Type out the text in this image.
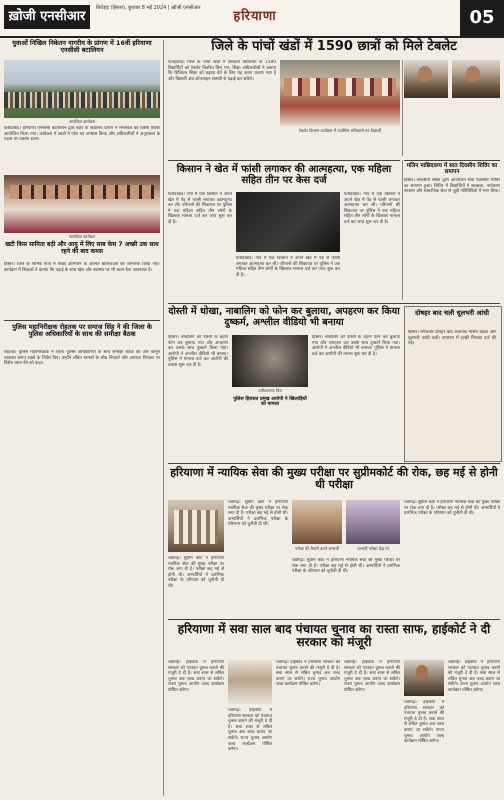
ख़ोजी एनसीआर
बिरोहड़ (हिसार), बुधवार 8 मई 2024 | ख़ोजी एनसीआर
हरियाणा	05
युवाओं निखिल निकेतन नागरीय के प्रांगण में 16वीं हरियाणा एनसीसी बटालियन
नामांकित कार्यक्रम
फरीदाबाद। हरियाणा एनसीसी बटालियन द्वारा शहर के विद्यालय प्रांगण में मंगलवार को विशेष शिविर आयोजित किया गया। कार्यक्रम में छात्रों ने परेड का अभ्यास किया और अधिकारियों ने अनुशासन के महत्व पर प्रकाश डाला।
नामांकित कार्यक्रम
खटी किस सामिता बठ़ी और आयु में लिए साब केस 7 अच्छी उक साथ रहने की बाद कमस
हिसार। जिले के विभिन्न गांवों में शिक्षा अभियान के अंतर्गत बालिकाओं को जागरूक किया गया। कार्यक्रम में शिक्षकों ने बताया कि पढ़ाई के साथ खेल और स्वास्थ्य पर भी ध्यान देना आवश्यक है।
पुलिस महानिरीक्षक रोहतक पर समाज सिंह ने की जिला के पुलिस अधिकारियों के साथ की समीक्षा बैठक
रोहतक। पुलिस महानिरीक्षक ने जिला पुलिस अधिकारियों के साथ समीक्षा बैठक की और कानून व्यवस्था बनाए रखने के निर्देश दिए। उन्होंने लंबित मामलों के शीघ्र निपटारे और अपराध नियंत्रण पर विशेष ध्यान देने को कहा।
जिले के पांचों खंडों में 1590 छात्रों को मिले टेबलेट
फतेहाबाद। जिले के पांचों खंडों में सरकारी विद्यालयों के 1590 विद्यार्थियों को टेबलेट वितरित किए गए। शिक्षा अधिकारियों ने बताया कि डिजिटल शिक्षा को बढ़ावा देने के लिए यह कदम उठाया गया है और विद्यार्थी अब ऑनलाइन सामग्री से पढ़ाई कर सकेंगे।
टेबलेट वितरण कार्यक्रम में उपस्थित अधिकारी एवं विद्यार्थी
मलिन माछिदालय में सात दिवसीय शिविर का समापन
हिसार। स्वयंसेवी संस्था द्वारा आयोजित सात दिवसीय शिविर का समापन हुआ। शिविर में विद्यार्थियों ने स्वच्छता, पर्यावरण संरक्षण और सामाजिक सेवा से जुड़ी गतिविधियों में भाग लिया।
किसान ने खेत में फांसी लगाकर की आत्महत्या, एक महिला सहित तीन पर केस दर्ज
फरीदाबाद। गांव में एक किसान ने अपने खेत में पेड़ से फांसी लगाकर आत्महत्या कर ली। परिजनों की शिकायत पर पुलिस ने एक महिला सहित तीन लोगों के खिलाफ मामला दर्ज कर जांच शुरू कर दी है।
फरीदाबाद। गांव में एक किसान ने अपने खेत में पेड़ से फांसी लगाकर आत्महत्या कर ली। परिजनों की शिकायत पर पुलिस ने एक महिला सहित तीन लोगों के खिलाफ मामला दर्ज कर जांच शुरू कर दी है।
फरीदाबाद। गांव में एक किसान ने अपने खेत में पेड़ से फांसी लगाकर आत्महत्या कर ली। परिजनों की शिकायत पर पुलिस ने एक महिला सहित तीन लोगों के खिलाफ मामला दर्ज कर जांच शुरू कर दी है।
दोस्ती में धोखा, नाबालिग को फोन कर बुलाया, अपहरण कर किया दुष्कर्म, अश्लील वीडियो भी बनाया
हिसार। नाबालिग को दोस्ती के बहाने फोन कर बुलाया गया और अपहरण कर उसके साथ दुष्कर्म किया गया। आरोपी ने अश्लील वीडियो भी बनाया। पुलिस ने मामला दर्ज कर आरोपी की तलाश शुरू कर दी है।
प्रतीकात्मक चित्र
हिसार। नाबालिग को दोस्ती के बहाने फोन कर बुलाया गया और अपहरण कर उसके साथ दुष्कर्म किया गया। आरोपी ने अश्लील वीडियो भी बनाया। पुलिस ने मामला दर्ज कर आरोपी की तलाश शुरू कर दी है।
दोषहर बाद चली धूलभरी आंधी
हिसार। मंगलवार दोपहर बाद अचानक मौसम बदला और धूलभरी आंधी चली। तापमान में हल्की गिरावट दर्ज की गई।
पुलिस हिरासत प्रमुख आरोपी ने खिलाड़ियों का मामला
हरियाणा में न्यायिक सेवा की मुख्य परीक्षा पर सुप्रीमकोर्ट की रोक, छह मई से होनी थी परीक्षा
चंडीगढ़। सुप्रीम कोर्ट ने हरियाणा न्यायिक सेवा की मुख्य परीक्षा पर रोक लगा दी है। परीक्षा छह मई से होनी थी। अभ्यर्थियों ने प्रारंभिक परीक्षा के परिणाम को चुनौती दी थी।
चंडीगढ़। सुप्रीम कोर्ट ने हरियाणा न्यायिक सेवा की मुख्य परीक्षा पर रोक लगा दी है। परीक्षा छह मई से होनी थी। अभ्यर्थियों ने प्रारंभिक परीक्षा के परिणाम को चुनौती दी थी।
परीक्षा की तैयारी करते अभ्यर्थी	अभ्यर्थी परीक्षा केंद्र पर
चंडीगढ़। सुप्रीम कोर्ट ने हरियाणा न्यायिक सेवा की मुख्य परीक्षा पर रोक लगा दी है। परीक्षा छह मई से होनी थी। अभ्यर्थियों ने प्रारंभिक परीक्षा के परिणाम को चुनौती दी थी।
चंडीगढ़। सुप्रीम कोर्ट ने हरियाणा न्यायिक सेवा की मुख्य परीक्षा पर रोक लगा दी है। परीक्षा छह मई से होनी थी। अभ्यर्थियों ने प्रारंभिक परीक्षा के परिणाम को चुनौती दी थी।
हरियाणा में सवा साल बाद पंचायत चुनाव का रास्ता साफ, हाईकोर्ट ने दी सरकार को मंजूरी
चंडीगढ़। हाईकोर्ट ने हरियाणा सरकार को पंचायत चुनाव कराने की मंजूरी दे दी है। सवा साल से लंबित चुनाव अब जल्द कराए जा सकेंगे। राज्य चुनाव आयोग जल्द कार्यक्रम घोषित करेगा।
चंडीगढ़। हाईकोर्ट ने हरियाणा सरकार को पंचायत चुनाव कराने की मंजूरी दे दी है। सवा साल से लंबित चुनाव अब जल्द कराए जा सकेंगे। राज्य चुनाव आयोग जल्द कार्यक्रम घोषित करेगा।
चंडीगढ़। हाईकोर्ट ने हरियाणा सरकार को पंचायत चुनाव कराने की मंजूरी दे दी है। सवा साल से लंबित चुनाव अब जल्द कराए जा सकेंगे। राज्य चुनाव आयोग जल्द कार्यक्रम घोषित करेगा।
चंडीगढ़। हाईकोर्ट ने हरियाणा सरकार को पंचायत चुनाव कराने की मंजूरी दे दी है। सवा साल से लंबित चुनाव अब जल्द कराए जा सकेंगे। राज्य चुनाव आयोग जल्द कार्यक्रम घोषित करेगा।
चंडीगढ़। हाईकोर्ट ने हरियाणा सरकार को पंचायत चुनाव कराने की मंजूरी दे दी है। सवा साल से लंबित चुनाव अब जल्द कराए जा सकेंगे। राज्य चुनाव आयोग जल्द कार्यक्रम घोषित करेगा।
चंडीगढ़। हाईकोर्ट ने हरियाणा सरकार को पंचायत चुनाव कराने की मंजूरी दे दी है। सवा साल से लंबित चुनाव अब जल्द कराए जा सकेंगे। राज्य चुनाव आयोग जल्द कार्यक्रम घोषित करेगा।
